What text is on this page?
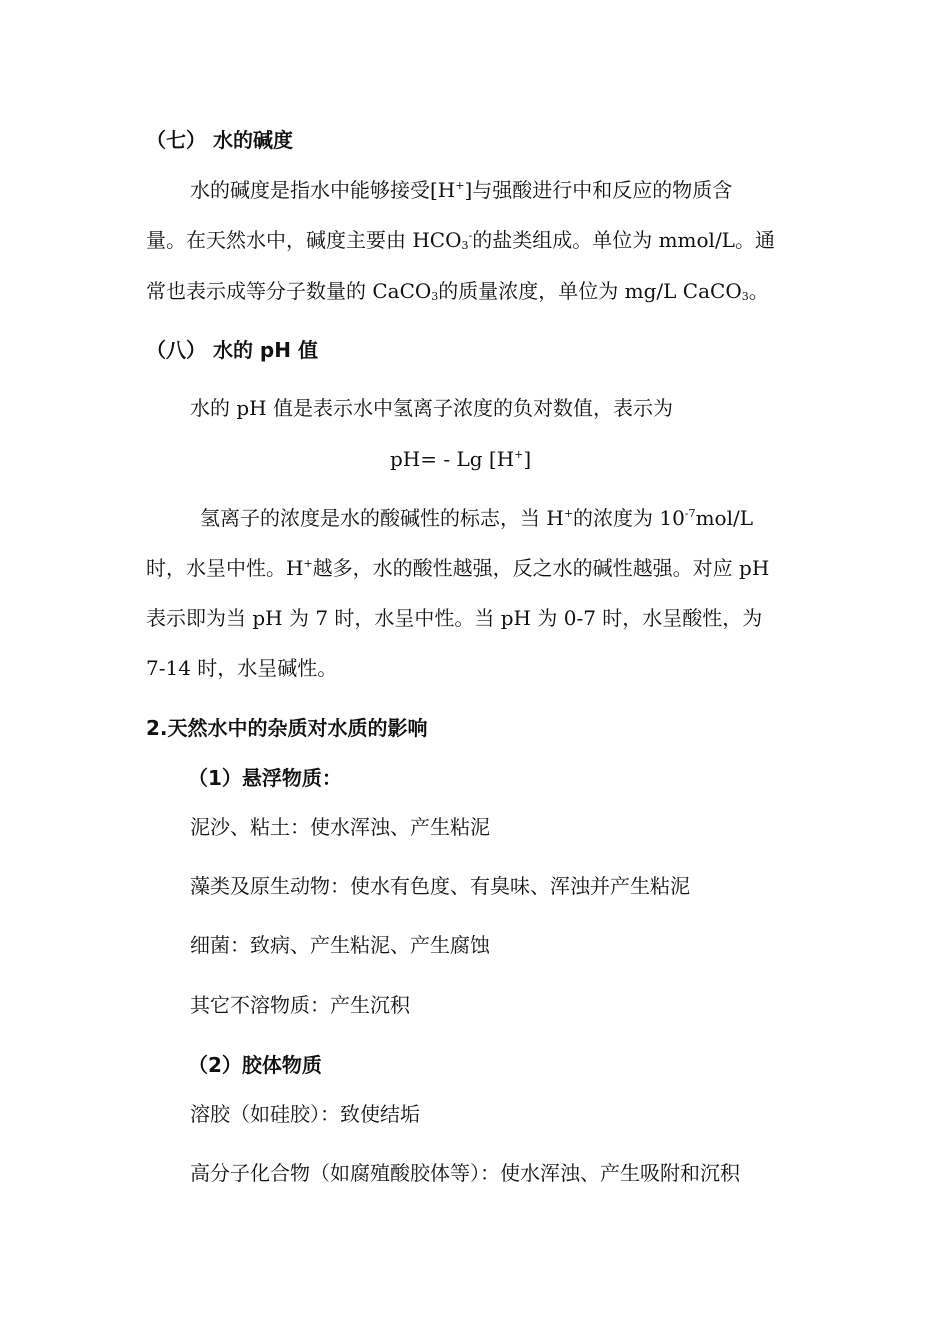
（七） 水的碱度
水的碱度是指水中能够接受[H+]与强酸进行中和反应的物质含
量。在天然水中，碱度主要由 $HCO_3^-$的盐类组成。单位为 mmol/L。通
常也表示成等分子数量的 CaCO$_3$的质量浓度，单位为 mg/L CaCO$_3$。
（八） 水的 pH 值
水的 pH 值是表示水中氢离子浓度的负对数值，表示为
pH= - Lg [H+]
氢离子的浓度是水的酸碱性的标志，当 H+的浓度为 $10^{-7}mol/L$
时，水呈中性。H+越多，水的酸性越强，反之水的碱性越强。对应 pH
表示即为当 pH 为 7 时，水呈中性。当 pH 为 0-7 时，水呈酸性，为
7-14 时，水呈碱性。
2.天然水中的杂质对水质的影响
（1）悬浮物质：
泥沙、粘土：使水浑浊、产生粘泥
藻类及原生动物：使水有色度、有臭味、浑浊并产生粘泥
细菌：致病、产生粘泥、产生腐蚀
其它不溶物质：产生沉积
（2）胶体物质
溶胶（如硅胶）：致使结垢
高分子化合物（如腐殖酸胶体等）：使水浑浊、产生吸附和沉积
